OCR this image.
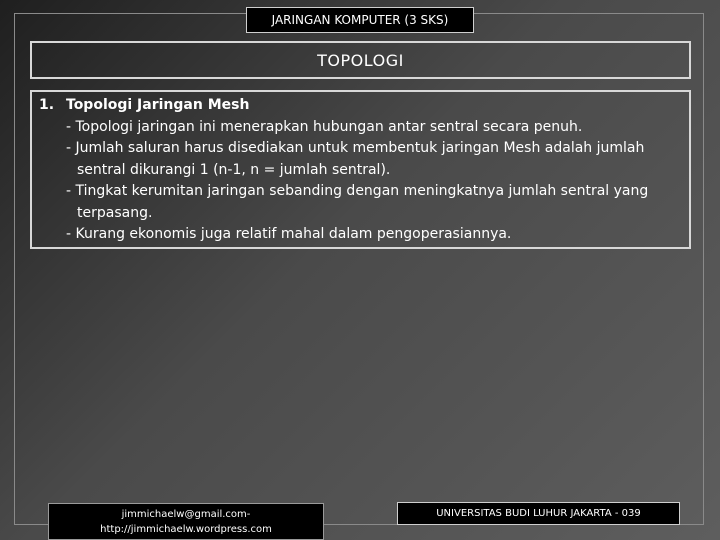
JARINGAN KOMPUTER (3 SKS)
TOPOLOGI
1. Topologi Jaringan Mesh
- Topologi jaringan ini menerapkan hubungan antar sentral secara penuh.
- Jumlah saluran harus disediakan untuk membentuk jaringan Mesh adalah jumlah
sentral dikurangi 1 (n-1, n = jumlah sentral).
- Tingkat kerumitan jaringan sebanding dengan meningkatnya jumlah sentral yang
terpasang.
- Kurang ekonomis juga relatif mahal dalam pengoperasiannya.
jimmichaelw@gmail.com-
http://jimmichaelw.wordpress.com
UNIVERSITAS BUDI LUHUR JAKARTA - 039
